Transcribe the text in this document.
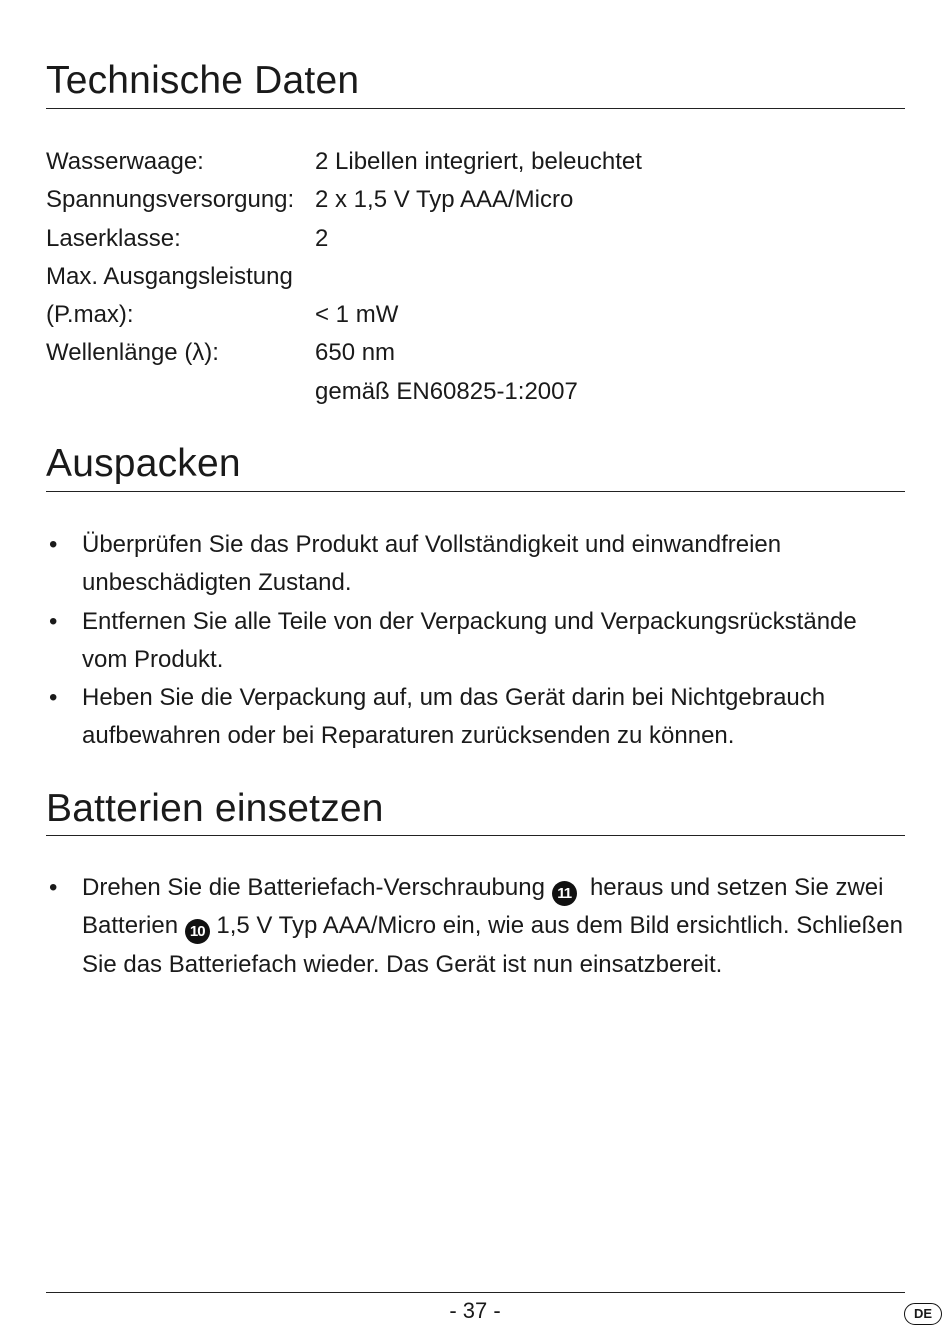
Technische Daten
Wasserwaage:	2 Libellen integriert, beleuchtet
Spannungsversorgung: 2 x 1,5 V Typ AAA/Micro
Laserklasse:	2
Max. Ausgangsleistung
(P.max):	< 1 mW
Wellenlänge (λ):	650 nm
gemäß EN60825-1:2007
Auspacken
• Überprüfen Sie das Produkt auf Vollständigkeit und einwandfreien unbeschädigten Zustand.
• Entfernen Sie alle Teile von der Verpackung und Verpackungsrückstände vom Produkt.
• Heben Sie die Verpackung auf, um das Gerät darin bei Nichtgebrauch aufbewahren oder bei Reparaturen zurücksenden zu können.
Batterien einsetzen
• Drehen Sie die Batteriefach-Verschraubung 11  heraus und setzen Sie zwei Batterien 10 1,5 V Typ AAA/Micro ein, wie aus dem Bild ersichtlich. Schließen Sie das Batteriefach wieder. Das Gerät ist nun einsatzbereit.
- 37 -	DE
